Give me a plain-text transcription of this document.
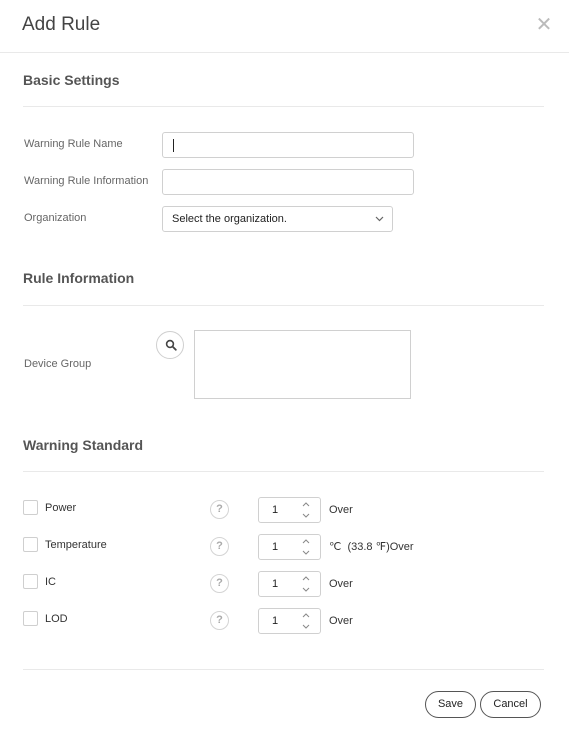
Add Rule	✕
Basic Settings
Warning Rule Name
Warning Rule Information
Organization	Select the organization.
Rule Information
Device Group
Warning Standard
Power	?	1	Over
Temperature	?	1	℃  (33.8 ℉)Over
IC	?	1	Over
LOD	?	1	Over
Save	Cancel
